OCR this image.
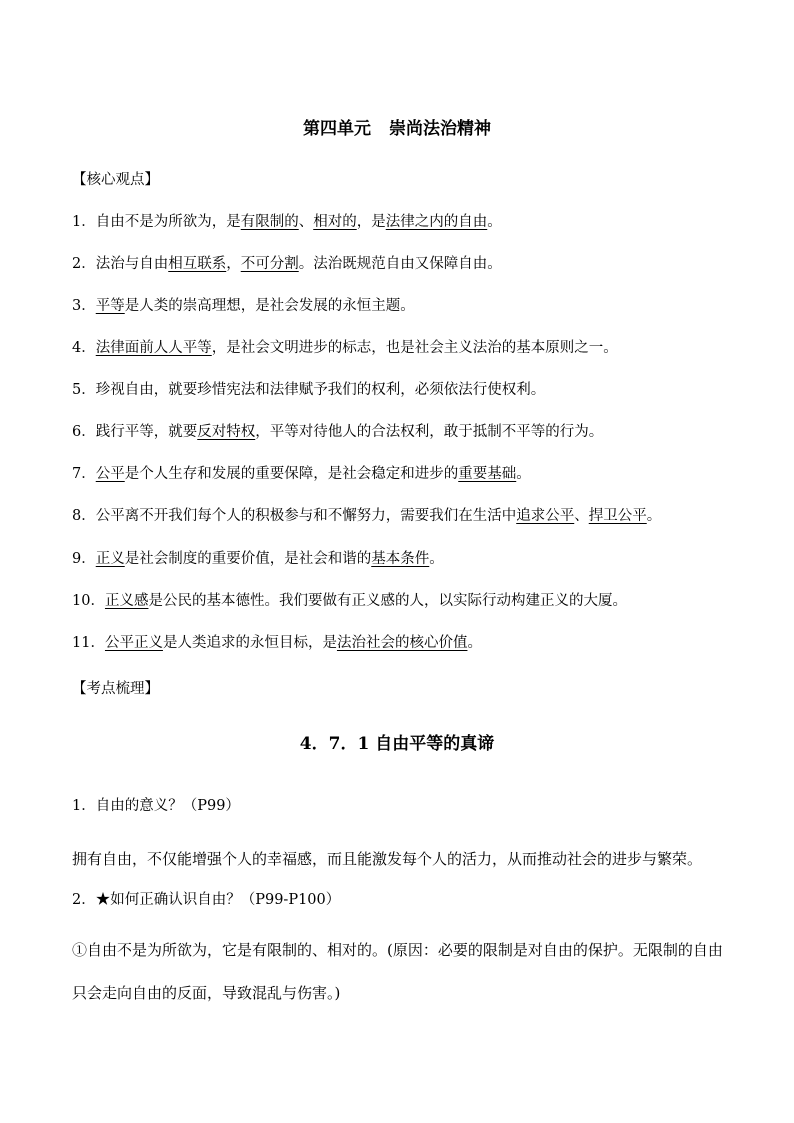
第四单元 崇尚法治精神
【核心观点】
1．自由不是为所欲为，是有限制的、相对的，是法律之内的自由。
2．法治与自由相互联系，不可分割。法治既规范自由又保障自由。
3．平等是人类的崇高理想，是社会发展的永恒主题。
4．法律面前人人平等，是社会文明进步的标志，也是社会主义法治的基本原则之一。
5．珍视自由，就要珍惜宪法和法律赋予我们的权利，必须依法行使权利。
6．践行平等，就要反对特权，平等对待他人的合法权利，敢于抵制不平等的行为。
7．公平是个人生存和发展的重要保障，是社会稳定和进步的重要基础。
8．公平离不开我们每个人的积极参与和不懈努力，需要我们在生活中追求公平、捍卫公平。
9．正义是社会制度的重要价值，是社会和谐的基本条件。
10．正义感是公民的基本德性。我们要做有正义感的人，以实际行动构建正义的大厦。
11．公平正义是人类追求的永恒目标，是法治社会的核心价值。
【考点梳理】
4．7．1 自由平等的真谛
1．自由的意义？（P99）
拥有自由，不仅能增强个人的幸福感，而且能激发每个人的活力，从而推动社会的进步与繁荣。
2．★如何正确认识自由？（P99-P100）
①自由不是为所欲为，它是有限制的、相对的。(原因：必要的限制是对自由的保护。无限制的自由只会走向自由的反面，导致混乱与伤害。)
